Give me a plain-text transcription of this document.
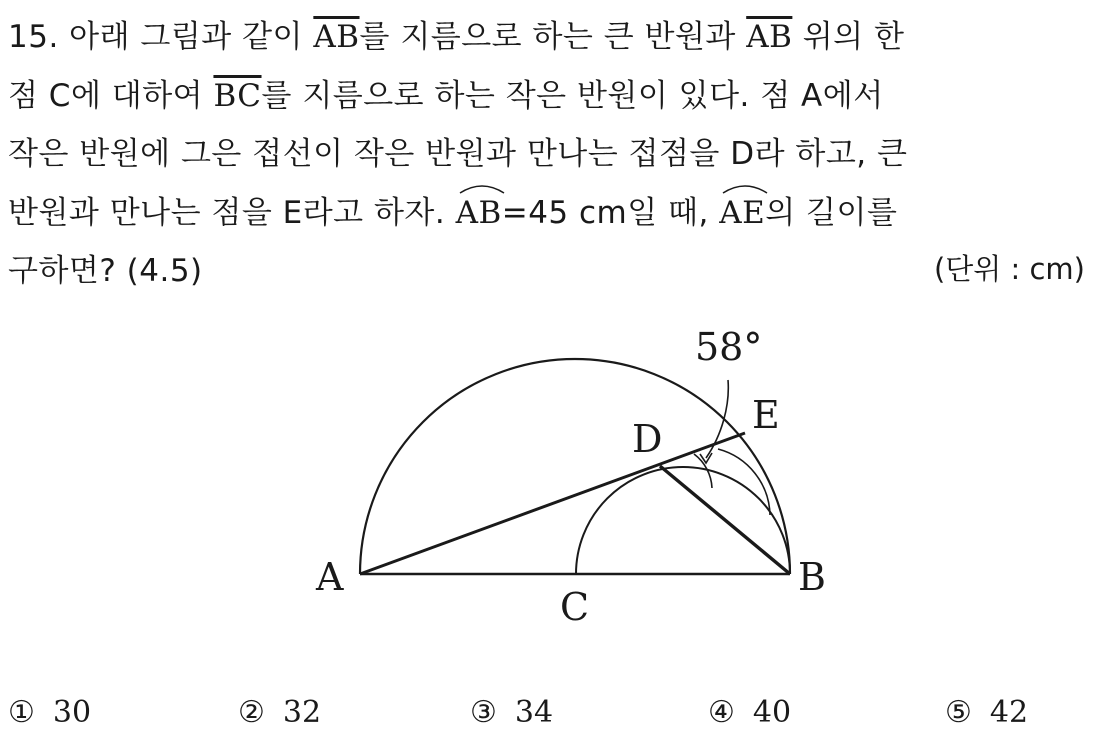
15. 아래 그림과 같이 $\overline{AB}$를 지름으로 하는 큰 반원과 $\overline{AB}$ 위의 한
점 C에 대하여 $\overline{BC}$를 지름으로 하는 작은 반원이 있다. 점 A에서
작은 반원에 그은 접선이 작은 반원과 만나는 접점을 D라 하고, 큰
반원과 만나는 점을 E라고 하자. AB
=45 cm일 때, AE
의 길이를
구하면? (4.5)	(단위 : cm)
58°
A	B
C
D
E
① 30	② 32	③ 34	④ 40	⑤ 42
